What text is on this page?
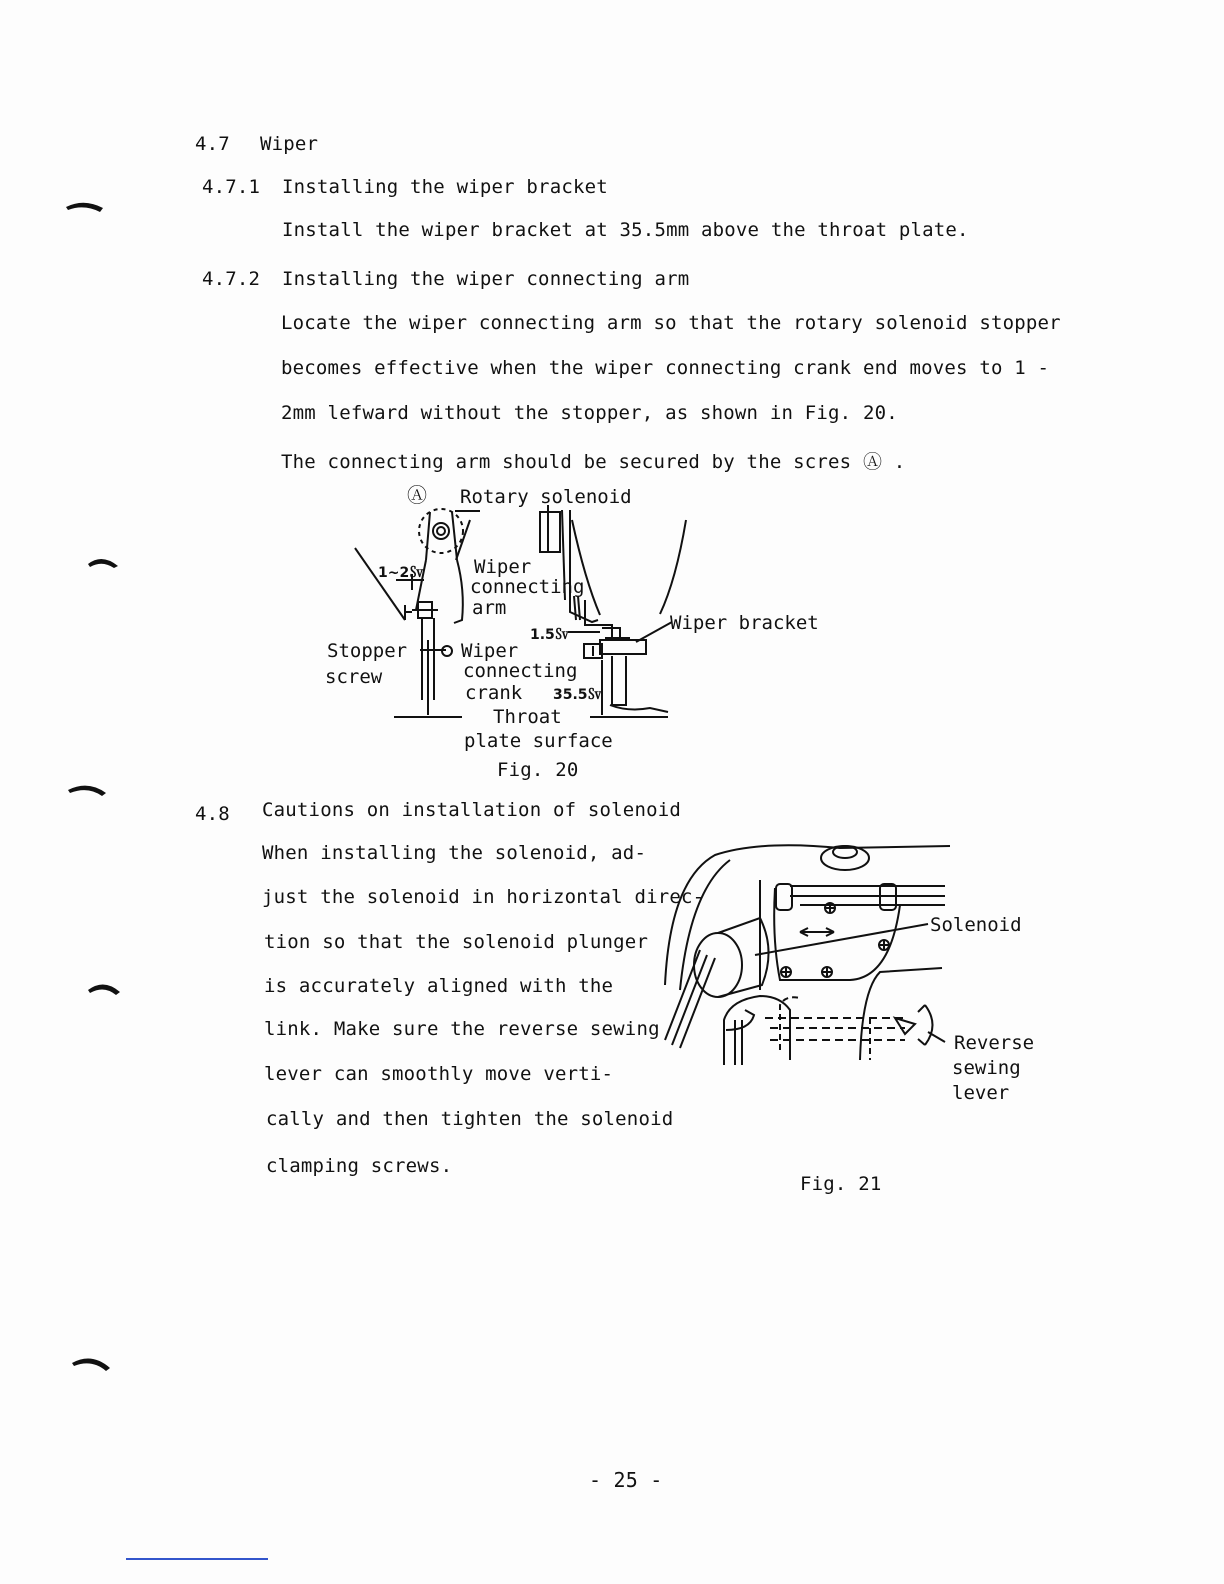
4.7 Wiper
4.7.1 Installing the wiper bracket
Install the wiper bracket at 35.5mm above the throat plate.
4.7.2 Installing the wiper connecting arm
Locate the wiper connecting arm so that the rotary solenoid stopper
becomes effective when the wiper connecting crank end moves to 1 -
2mm lefward without the stopper, as shown in Fig. 20.
The connecting arm should be secured by the scres Ⓐ .
Ⓐ Rotary solenoid
1~2㏜	Wiper
connecting
arm
Wiper bracket
1.5㏜
Stopper
screw
Wiper
connecting
crank 35.5㏜
Throat
plate surface
Fig. 20
4.8 Cautions on installation of solenoid
When installing the solenoid, ad-
just the solenoid in horizontal direc-
tion so that the solenoid plunger
is accurately aligned with the
link. Make sure the reverse sewing
lever can smoothly move verti-
cally and then tighten the solenoid
clamping screws.
Solenoid
Reverse
sewing
lever
Fig. 21
- 25 -
